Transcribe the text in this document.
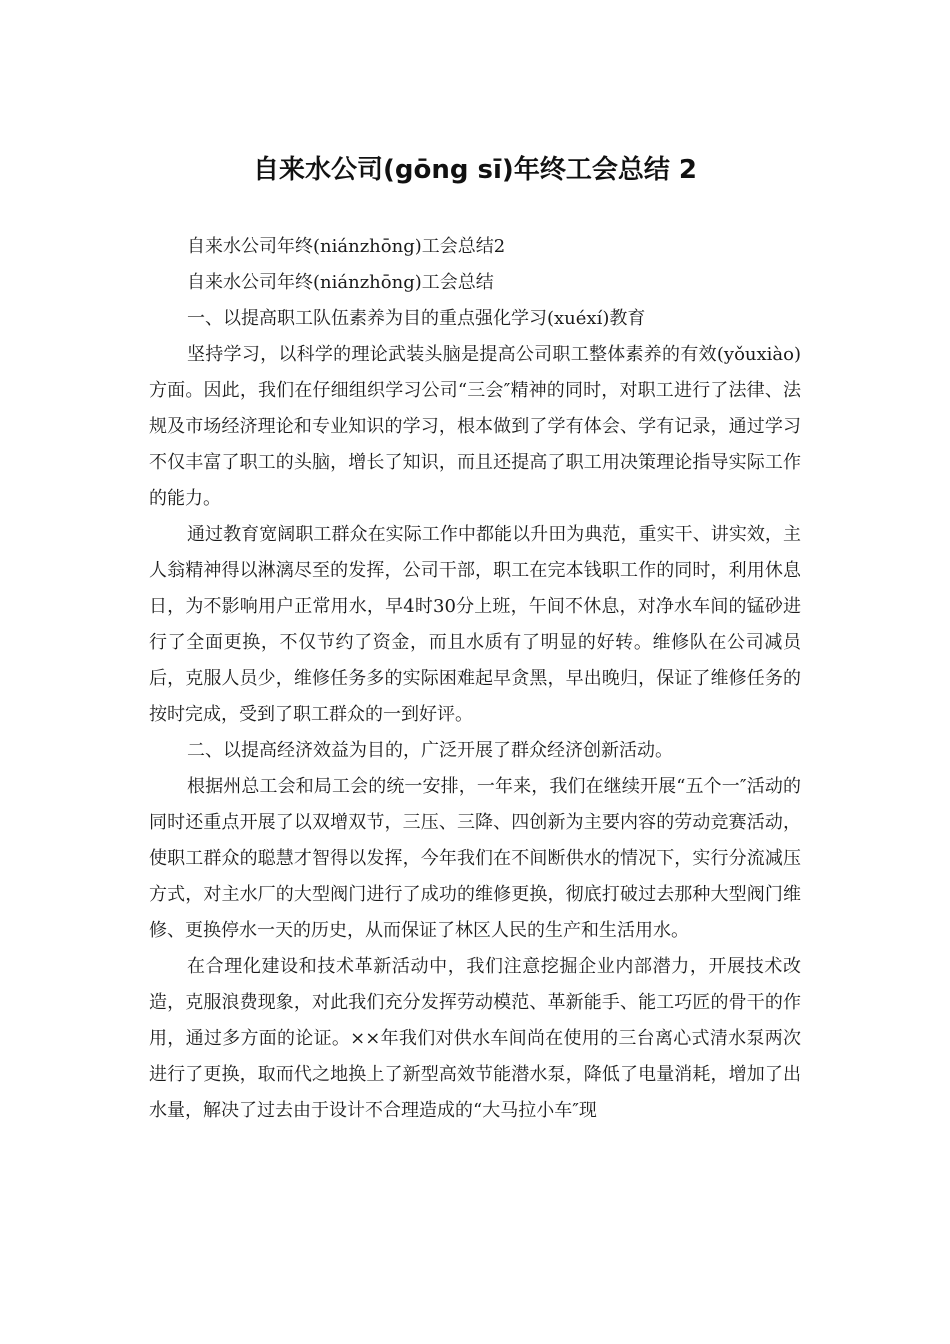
自来水公司(gōng sī)年终工会总结 2

自来水公司年终(niánzhōng)工会总结2

自来水公司年终(niánzhōng)工会总结

一、以提高职工队伍素养为目的重点强化学习(xuéxí)教育

坚持学习，以科学的理论武装头脑是提高公司职工整体素养的有效(yǒuxiào)方面。因此，我们在仔细组织学习公司“三会″精神的同时，对职工进行了法律、法规及市场经济理论和专业知识的学习，根本做到了学有体会、学有记录，通过学习不仅丰富了职工的头脑，增长了知识，而且还提高了职工用决策理论指导实际工作的能力。

通过教育宽阔职工群众在实际工作中都能以升田为典范，重实干、讲实效，主人翁精神得以淋漓尽至的发挥，公司干部，职工在完本钱职工作的同时，利用休息日，为不影响用户正常用水，早4时30分上班，午间不休息，对净水车间的锰砂进行了全面更换，不仅节约了资金，而且水质有了明显的好转。维修队在公司减员后，克服人员少，维修任务多的实际困难起早贪黑，早出晚归，保证了维修任务的按时完成，受到了职工群众的一到好评。

二、以提高经济效益为目的，广泛开展了群众经济创新活动。

根据州总工会和局工会的统一安排，一年来，我们在继续开展“五个一″活动的同时还重点开展了以双增双节，三压、三降、四创新为主要内容的劳动竞赛活动，使职工群众的聪慧才智得以发挥，今年我们在不间断供水的情况下，实行分流减压方式，对主水厂的大型阀门进行了成功的维修更换，彻底打破过去那种大型阀门维修、更换停水一天的历史，从而保证了林区人民的生产和生活用水。

在合理化建设和技术革新活动中，我们注意挖掘企业内部潜力，开展技术改造，克服浪费现象，对此我们充分发挥劳动模范、革新能手、能工巧匠的骨干的作用，通过多方面的论证。××年我们对供水车间尚在使用的三台离心式清水泵两次进行了更换，取而代之地换上了新型高效节能潜水泵，降低了电量消耗，增加了出水量，解决了过去由于设计不合理造成的“大马拉小车″现
